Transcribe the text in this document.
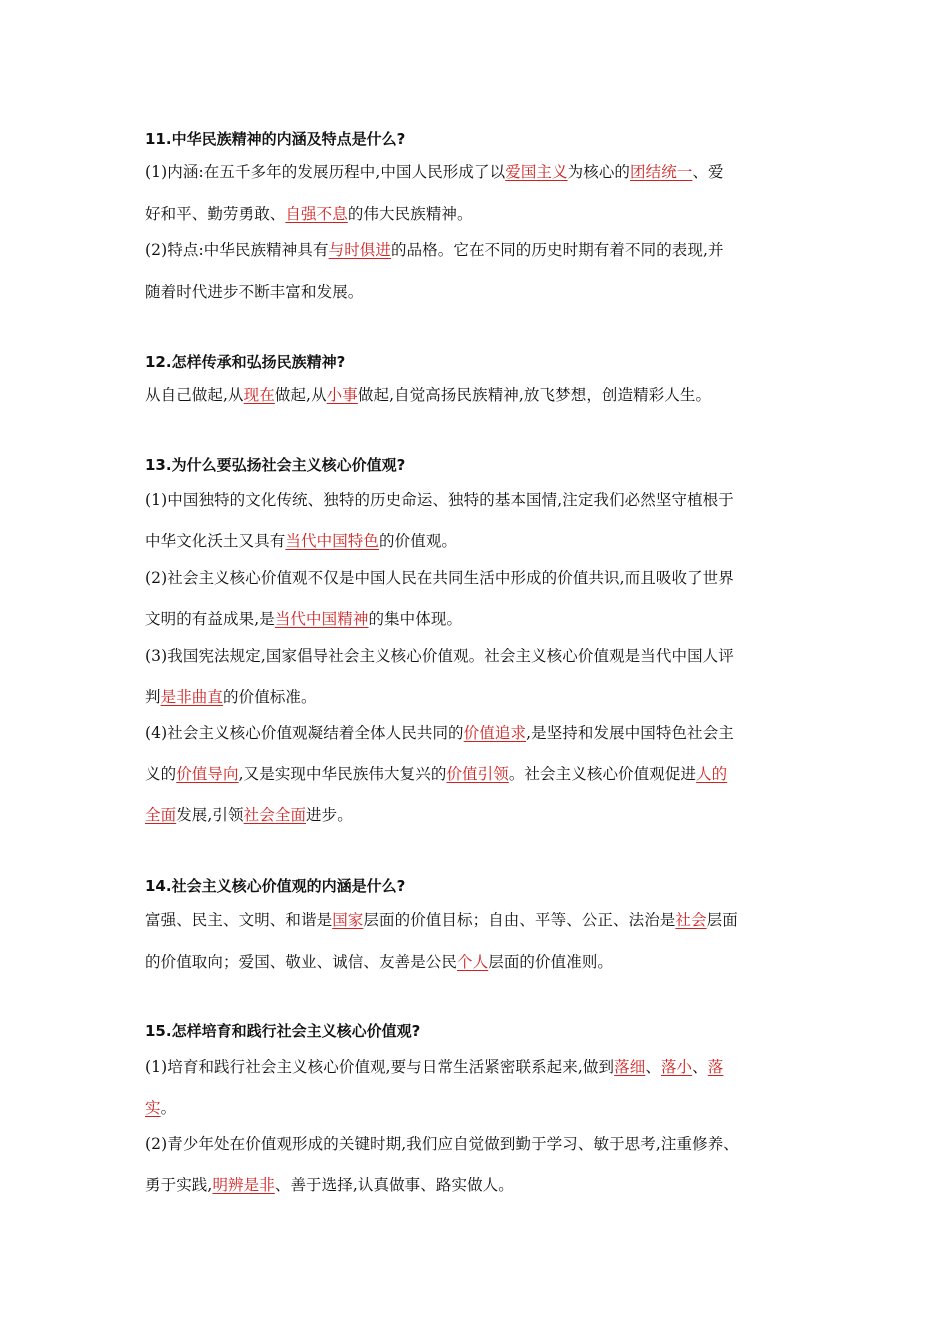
11.中华民族精神的内涵及特点是什么?
(1)内涵:在五千多年的发展历程中,中国人民形成了以爱国主义为核心的团结统一、爱
好和平、勤劳勇敢、自强不息的伟大民族精神。
(2)特点:中华民族精神具有与时俱进的品格。它在不同的历史时期有着不同的表现,并
随着时代进步不断丰富和发展。
12.怎样传承和弘扬民族精神?
从自己做起,从现在做起,从小事做起,自觉高扬民族精神,放飞梦想，创造精彩人生。
13.为什么要弘扬社会主义核心价值观?
(1)中国独特的文化传统、独特的历史命运、独特的基本国情,注定我们必然坚守植根于
中华文化沃土又具有当代中国特色的价值观。
(2)社会主义核心价值观不仅是中国人民在共同生活中形成的价值共识,而且吸收了世界
文明的有益成果,是当代中国精神的集中体现。
(3)我国宪法规定,国家倡导社会主义核心价值观。社会主义核心价值观是当代中国人评
判是非曲直的价值标准。
(4)社会主义核心价值观凝结着全体人民共同的价值追求,是坚持和发展中国特色社会主
义的价值导向,又是实现中华民族伟大复兴的价值引领。社会主义核心价值观促进人的
全面发展,引领社会全面进步。
14.社会主义核心价值观的内涵是什么?
富强、民主、文明、和谐是国家层面的价值目标；自由、平等、公正、法治是社会层面
的价值取向；爱国、敬业、诚信、友善是公民个人层面的价值准则。
15.怎样培育和践行社会主义核心价值观?
(1)培育和践行社会主义核心价值观,要与日常生活紧密联系起来,做到落细、落小、落
实。
(2)青少年处在价值观形成的关键时期,我们应自觉做到勤于学习、敏于思考,注重修养、
勇于实践,明辨是非、善于选择,认真做事、路实做人。
